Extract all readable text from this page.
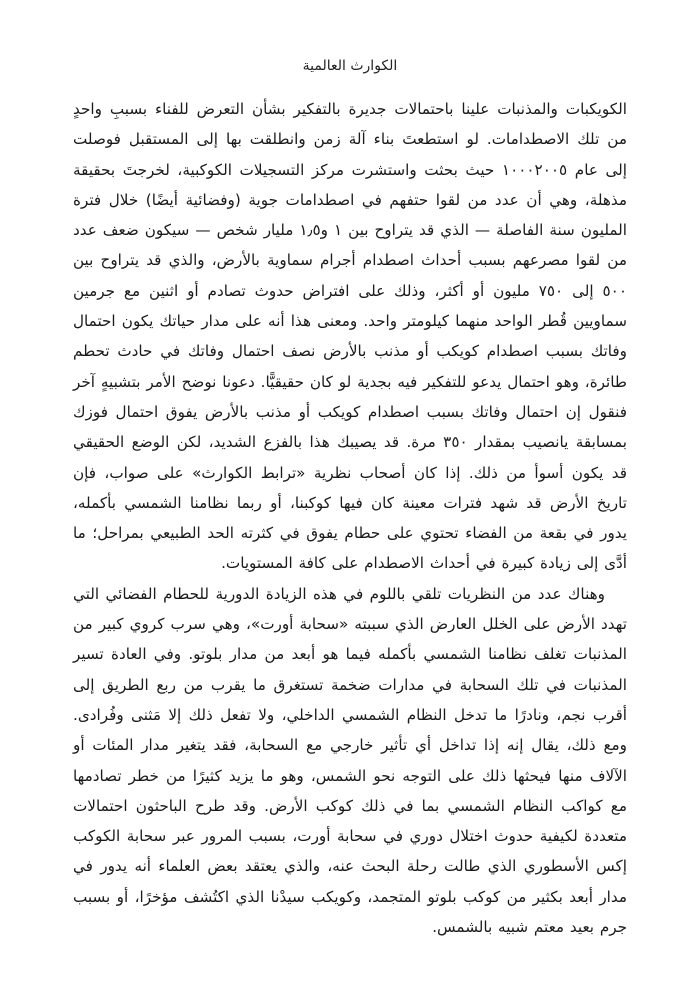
الكوارث العالمية

الكويكبات والمذنبات علينا باحتمالات جديرة بالتفكير بشأن التعرض للفناء بسببِ واحدٍ من تلك الاصطدامات. لو استطعتَ بناء آلة زمن وانطلقت بها إلى المستقبل فوصلت إلى عام ١٠٠٠٢٠٠٥ حيث بحثت واستشرت مركز التسجيلات الكوكبية، لخرجتَ بحقيقة مذهلة، وهي أن عدد من لقوا حتفهم في اصطدامات جوية (وفضائية أيضًا) خلال فترة المليون سنة الفاصلة — الذي قد يتراوح بين ١ و١٫٥ مليار شخص — سيكون ضعف عدد من لقوا مصرعهم بسبب أحداث اصطدام أجرام سماوية بالأرض، والذي قد يتراوح بين ٥٠٠ إلى ٧٥٠ مليون أو أكثر، وذلك على افتراض حدوث تصادم أو اثنين مع جرمين سماويين قُطر الواحد منهما كيلومتر واحد. ومعنى هذا أنه على مدار حياتك يكون احتمال وفاتك بسبب اصطدام كويكب أو مذنب بالأرض نصف احتمال وفاتك في حادث تحطم طائرة، وهو احتمال يدعو للتفكير فيه بجدية لو كان حقيقيًّا. دعونا نوضح الأمر بتشبيهٍ آخر فنقول إن احتمال وفاتك بسبب اصطدام كويكب أو مذنب بالأرض يفوق احتمال فوزك بمسابقة يانصيب بمقدار ٣٥٠ مرة. قد يصيبك هذا بالفزع الشديد، لكن الوضع الحقيقي قد يكون أسوأ من ذلك. إذا كان أصحاب نظرية «ترابط الكوارث» على صواب، فإن تاريخ الأرض قد شهد فترات معينة كان فيها كوكبنا، أو ربما نظامنا الشمسي بأكمله، يدور في بقعة من الفضاء تحتوي على حطام يفوق في كثرته الحد الطبيعي بمراحل؛ ما أدَّى إلى زيادة كبيرة في أحداث الاصطدام على كافة المستويات.

وهناك عدد من النظريات تلقي باللوم في هذه الزيادة الدورية للحطام الفضائي التي تهدد الأرض على الخلل العارض الذي سببته «سحابة أورت»، وهي سرب كروي كبير من المذنبات تغلف نظامنا الشمسي بأكمله فيما هو أبعد من مدار بلوتو. وفي العادة تسير المذنبات في تلك السحابة في مدارات ضخمة تستغرق ما يقرب من ربع الطريق إلى أقرب نجم، ونادرًا ما تدخل النظام الشمسي الداخلي، ولا تفعل ذلك إلا مَثنى وفُرادى. ومع ذلك، يقال إنه إذا تداخل أي تأثير خارجي مع السحابة، فقد يتغير مدار المئات أو الآلاف منها فيحثها ذلك على التوجه نحو الشمس، وهو ما يزيد كثيرًا من خطر تصادمها مع كواكب النظام الشمسي بما في ذلك كوكب الأرض. وقد طرح الباحثون احتمالات متعددة لكيفية حدوث اختلال دوري في سحابة أورت، بسبب المرور عبر سحابة الكوكب إكس الأسطوري الذي طالت رحلة البحث عنه، والذي يعتقد بعض العلماء أنه يدور في مدار أبعد بكثير من كوكب بلوتو المتجمد، وكويكب سيدْنا الذي اكتُشف مؤخرًا، أو بسبب جرم بعيد معتم شبيه بالشمس.
